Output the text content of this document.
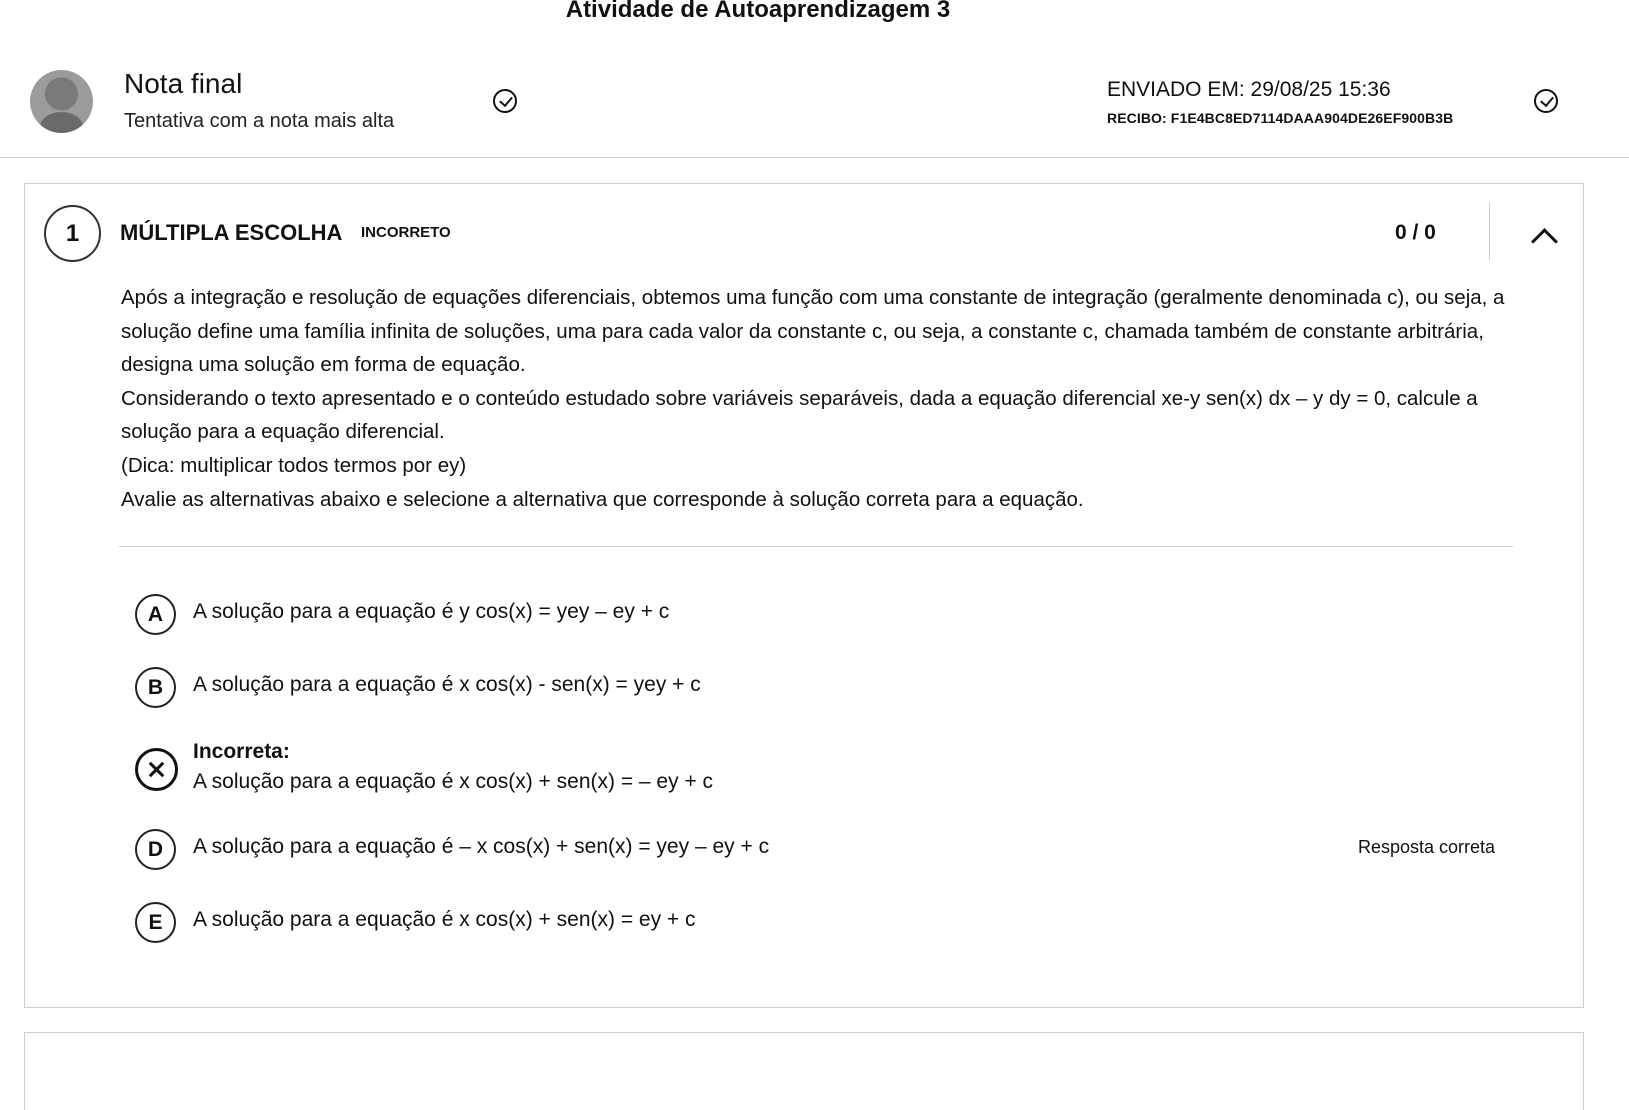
Atividade de Autoaprendizagem 3
Nota final
Tentativa com a nota mais alta
ENVIADO EM: 29/08/25 15:36
RECIBO: F1E4BC8ED7114DAAA904DE26EF900B3B
1	MÚLTIPLA ESCOLHA INCORRETO	0 / 0

Após a integração e resolução de equações diferenciais, obtemos uma função com uma constante de integração (geralmente denominada c), ou seja, a solução define uma família infinita de soluções, uma para cada valor da constante c, ou seja, a constante c, chamada também de constante arbitrária, designa uma solução em forma de equação.

Considerando o texto apresentado e o conteúdo estudado sobre variáveis separáveis, dada a equação diferencial xe-y sen(x) dx – y dy = 0, calcule a solução para a equação diferencial.

(Dica: multiplicar todos termos por ey)

Avalie as alternativas abaixo e selecione a alternativa que corresponde à solução correta para a equação.

A	A solução para a equação é y cos(x) = yey – ey + c
B	A solução para a equação é x cos(x) - sen(x) = yey + c
Incorreta:
A solução para a equação é x cos(x) + sen(x) = – ey + c
D	A solução para a equação é – x cos(x) + sen(x) = yey – ey + c	Resposta correta
E	A solução para a equação é x cos(x) + sen(x) = ey + c
